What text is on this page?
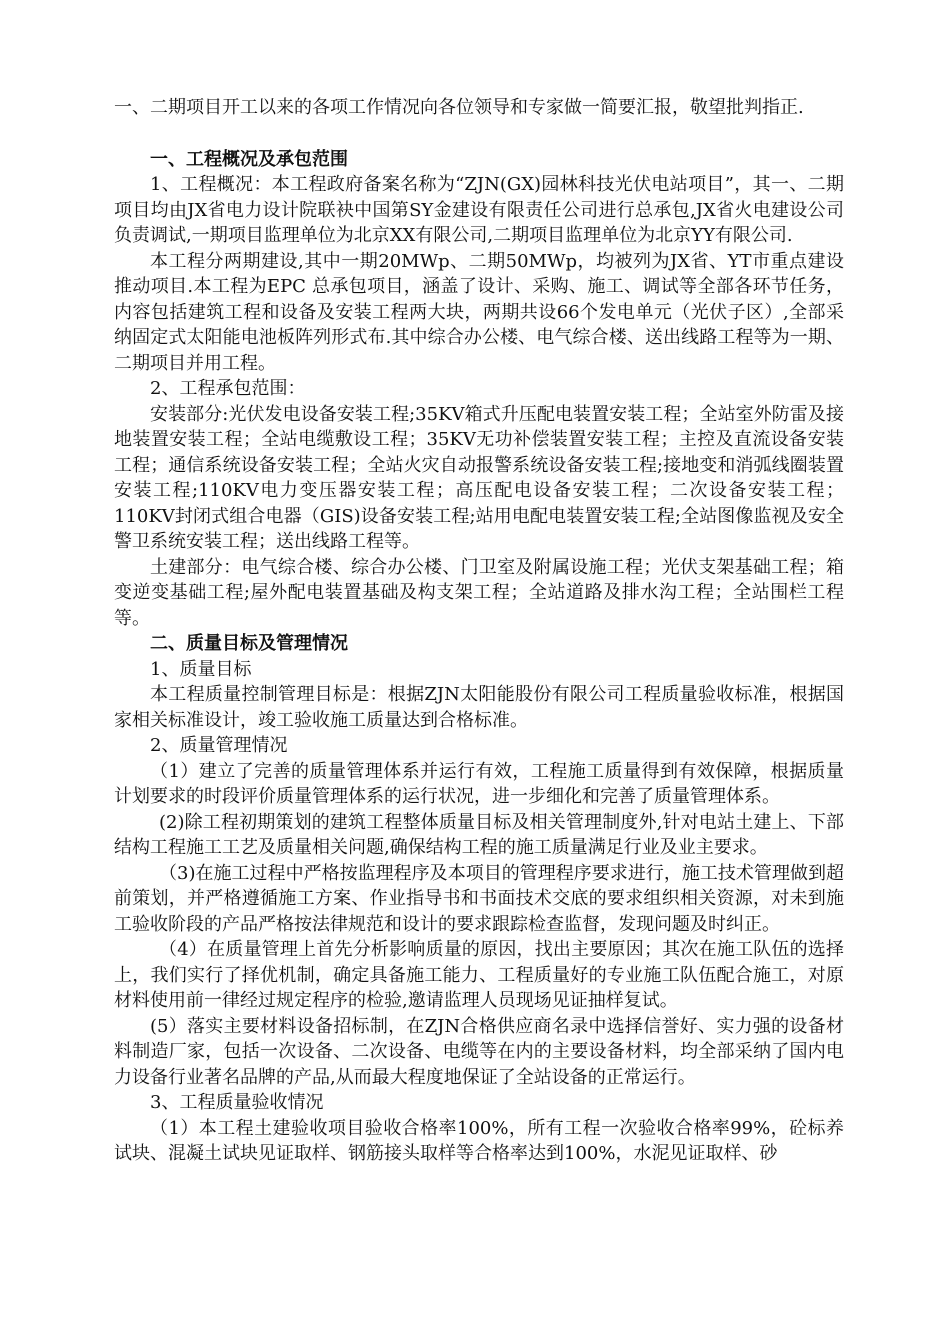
一、二期项目开工以来的各项工作情况向各位领导和专家做一简要汇报，敬望批判指正.

一、工程概况及承包范围

1、工程概况：本工程政府备案名称为“ZJN(GX)园林科技光伏电站项目”，其一、二期项目均由JX省电力设计院联袂中国第SY金建设有限责任公司进行总承包,JX省火电建设公司负责调试,一期项目监理单位为北京XX有限公司,二期项目监理单位为北京YY有限公司.

本工程分两期建设,其中一期20MWp、二期50MWp，均被列为JX省、YT市重点建设推动项目.本工程为EPC 总承包项目，涵盖了设计、采购、施工、调试等全部各环节任务，内容包括建筑工程和设备及安装工程两大块，两期共设66个发电单元（光伏子区）,全部采纳固定式太阳能电池板阵列形式布.其中综合办公楼、电气综合楼、送出线路工程等为一期、二期项目并用工程。

2、工程承包范围：

安装部分:光伏发电设备安装工程;35KV箱式升压配电装置安装工程；全站室外防雷及接地装置安装工程；全站电缆敷设工程；35KV无功补偿装置安装工程；主控及直流设备安装工程；通信系统设备安装工程；全站火灾自动报警系统设备安装工程;接地变和消弧线圈装置安装工程;110KV电力变压器安装工程；高压配电设备安装工程；二次设备安装工程；110KV封闭式组合电器（GIS)设备安装工程;站用电配电装置安装工程;全站图像监视及安全警卫系统安装工程；送出线路工程等。

土建部分：电气综合楼、综合办公楼、门卫室及附属设施工程；光伏支架基础工程；箱变逆变基础工程;屋外配电装置基础及构支架工程；全站道路及排水沟工程；全站围栏工程等。

二、质量目标及管理情况

1、质量目标

本工程质量控制管理目标是：根据ZJN太阳能股份有限公司工程质量验收标准，根据国家相关标准设计，竣工验收施工质量达到合格标准。

2、质量管理情况

（1）建立了完善的质量管理体系并运行有效，工程施工质量得到有效保障，根据质量计划要求的时段评价质量管理体系的运行状况，进一步细化和完善了质量管理体系。

(2)除工程初期策划的建筑工程整体质量目标及相关管理制度外,针对电站土建上、下部结构工程施工工艺及质量相关问题,确保结构工程的施工质量满足行业及业主要求。

（3)在施工过程中严格按监理程序及本项目的管理程序要求进行，施工技术管理做到超前策划，并严格遵循施工方案、作业指导书和书面技术交底的要求组织相关资源，对未到施工验收阶段的产品严格按法律规范和设计的要求跟踪检查监督，发现问题及时纠正。

（4）在质量管理上首先分析影响质量的原因，找出主要原因；其次在施工队伍的选择上，我们实行了择优机制，确定具备施工能力、工程质量好的专业施工队伍配合施工，对原材料使用前一律经过规定程序的检验,邀请监理人员现场见证抽样复试。

(5）落实主要材料设备招标制，在ZJN合格供应商名录中选择信誉好、实力强的设备材料制造厂家，包括一次设备、二次设备、电缆等在内的主要设备材料，均全部采纳了国内电力设备行业著名品牌的产品,从而最大程度地保证了全站设备的正常运行。

3、工程质量验收情况

（1）本工程土建验收项目验收合格率100%，所有工程一次验收合格率99%，砼标养试块、混凝土试块见证取样、钢筋接头取样等合格率达到100%，水泥见证取样、砂
